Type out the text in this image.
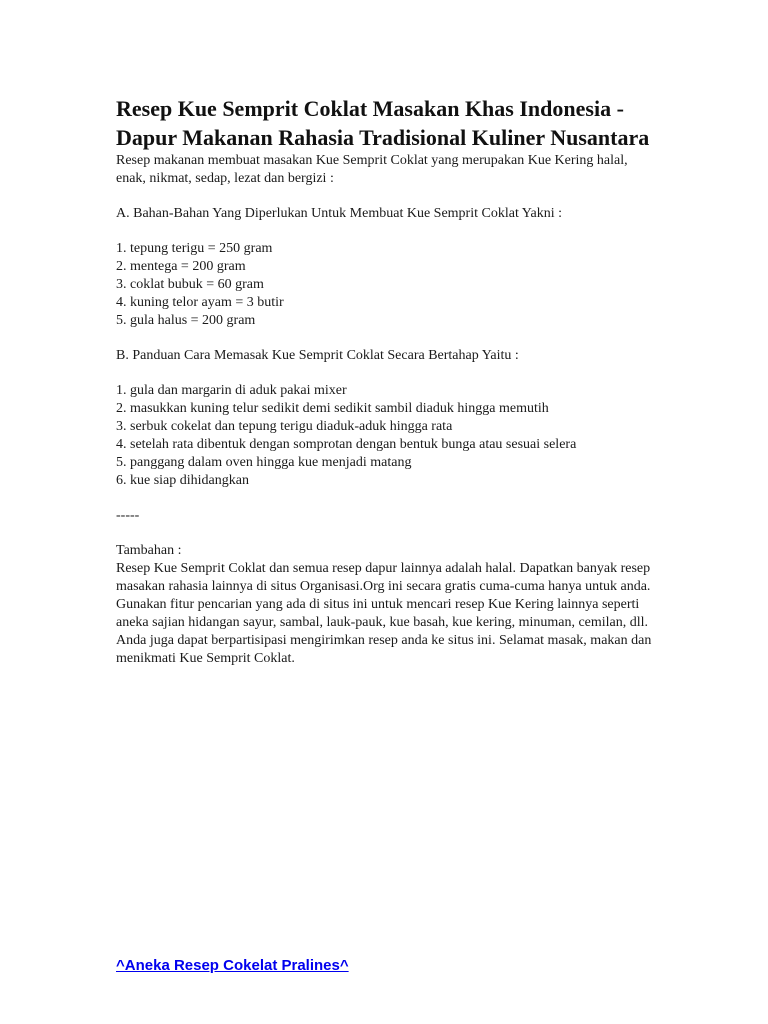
Resep Kue Semprit Coklat Masakan Khas Indonesia - Dapur Makanan Rahasia Tradisional Kuliner Nusantara

Resep makanan membuat masakan Kue Semprit Coklat yang merupakan Kue Kering halal, enak, nikmat, sedap, lezat dan bergizi :

A. Bahan-Bahan Yang Diperlukan Untuk Membuat Kue Semprit Coklat Yakni :

1. tepung terigu = 250 gram
2. mentega = 200 gram
3. coklat bubuk = 60 gram
4. kuning telor ayam = 3 butir
5. gula halus = 200 gram

B. Panduan Cara Memasak Kue Semprit Coklat Secara Bertahap Yaitu :

1. gula dan margarin di aduk pakai mixer
2. masukkan kuning telur sedikit demi sedikit sambil diaduk hingga memutih
3. serbuk cokelat dan tepung terigu diaduk-aduk hingga rata
4. setelah rata dibentuk dengan somprotan dengan bentuk bunga atau sesuai selera
5. panggang dalam oven hingga kue menjadi matang
6. kue siap dihidangkan

-----

Tambahan :

Resep Kue Semprit Coklat dan semua resep dapur lainnya adalah halal. Dapatkan banyak resep masakan rahasia lainnya di situs Organisasi.Org ini secara gratis cuma-cuma hanya untuk anda. Gunakan fitur pencarian yang ada di situs ini untuk mencari resep Kue Kering lainnya seperti aneka sajian hidangan sayur, sambal, lauk-pauk, kue basah, kue kering, minuman, cemilan, dll. Anda juga dapat berpartisipasi mengirimkan resep anda ke situs ini. Selamat masak, makan dan menikmati Kue Semprit Coklat.

^Aneka Resep Cokelat Pralines^
